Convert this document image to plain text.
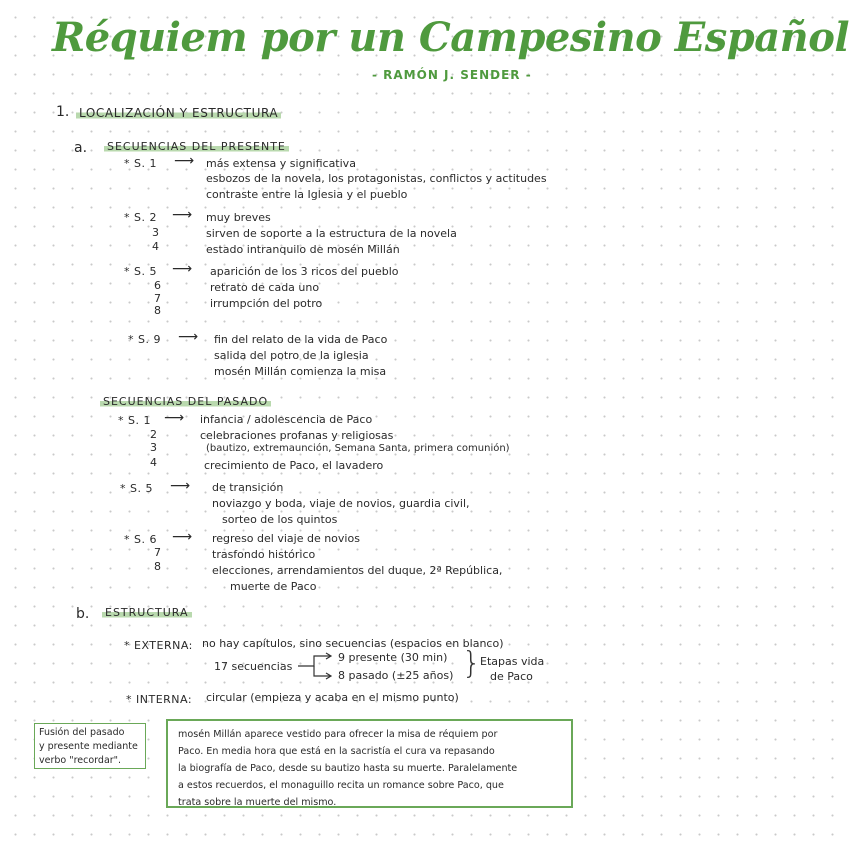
Réquiem por un Campesino Español
- RAMÓN J. SENDER -
1. LOCALIZACIÓN Y ESTRUCTURA
a. SECUENCIAS DEL PRESENTE
* S. 1 ⟶ más extensa y significativa
esbozos de la novela, los protagonistas, conflictos y actitudes
contraste entre la Iglesia y el pueblo
* S. 2 ⟶ muy breves
3	sirven de soporte a la estructura de la novela
4	estado intranquilo de mosén Millán
* S. 5 ⟶ aparición de los 3 ricos del pueblo
6	retrato de cada uno
7	irrumpción del potro
8
* S. 9 ⟶ fin del relato de la vida de Paco
salida del potro de la iglesia
mosén Millán comienza la misa
SECUENCIAS DEL PASADO
* S. 1 ⟶ infancia / adolescencia de Paco
2	celebraciones profanas y religiosas
3	(bautizo, extremaunción, Semana Santa, primera comunión)
4	crecimiento de Paco, el lavadero
* S. 5 ⟶ de transición
noviazgo y boda, viaje de novios, guardia civil,
sorteo de los quintos
* S. 6 ⟶ regreso del viaje de novios
7	trasfondo histórico
8	elecciones, arrendamientos del duque, 2ª República,
muerte de Paco
b. ESTRUCTURA
* EXTERNA: no hay capítulos, sino secuencias (espacios en blanco)
17 secuencias
9 presente (30 min)
8 pasado (±25 años) }
Etapas vida
de Paco
* INTERNA: circular (empieza y acaba en el mismo punto)
Fusión del pasado
y presente mediante
verbo "recordar".
mosén Millán aparece vestido para ofrecer la misa de réquiem por
Paco. En media hora que está en la sacristía el cura va repasando
la biografía de Paco, desde su bautizo hasta su muerte. Paralelamente
a estos recuerdos, el monaguillo recita un romance sobre Paco, que
trata sobre la muerte del mismo.
